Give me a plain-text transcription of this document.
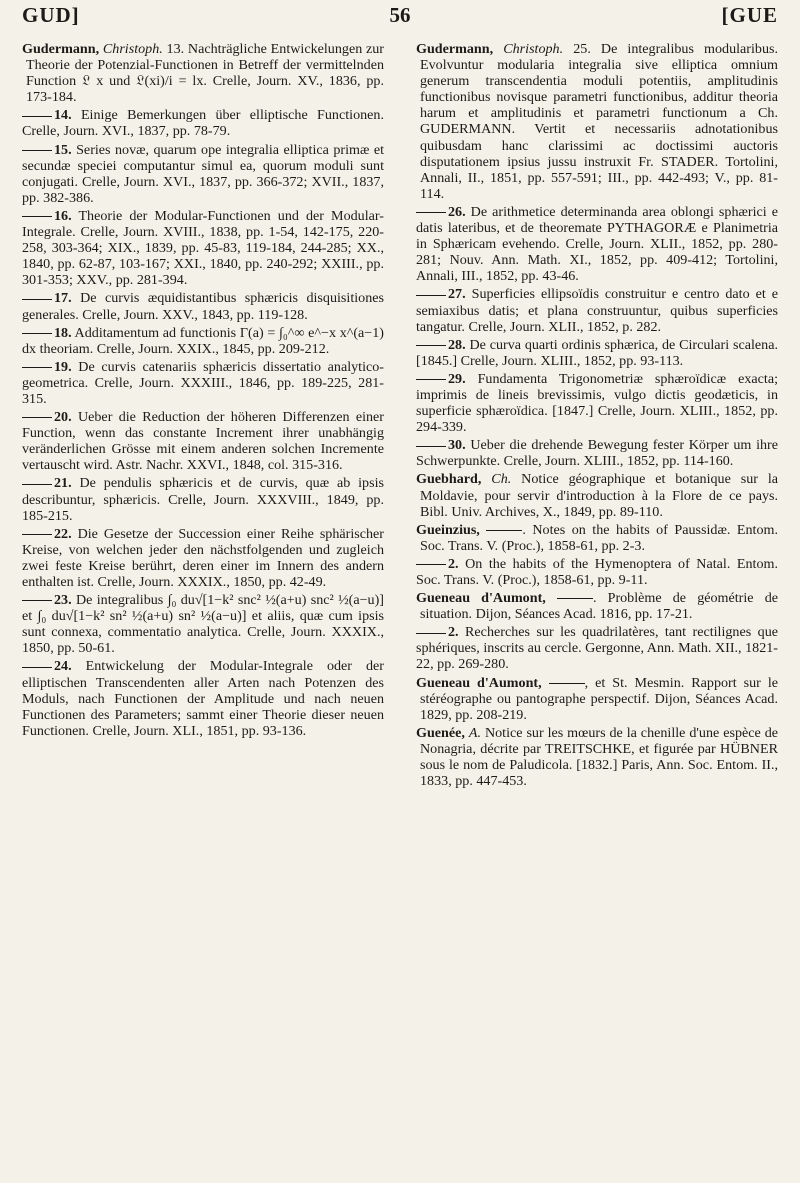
GUD]	56	[GUE

Gudermann, Christoph. 13. Nachträgliche Entwickelungen zur Theorie der Potenzial-Functionen in Betreff der vermittelnden Function 𝔏 x und 𝔏(xi)/i = lx. Crelle, Journ. XV., 1836, pp. 173-184.

14. Einige Bemerkungen über elliptische Functionen. Crelle, Journ. XVI., 1837, pp. 78-79.

15. Series novæ, quarum ope integralia elliptica primæ et secundæ speciei computantur simul ea, quorum moduli sunt conjugati. Crelle, Journ. XVI., 1837, pp. 366-372; XVII., 1837, pp. 382-386.

16. Theorie der Modular-Functionen und der Modular-Integrale. Crelle, Journ. XVIII., 1838, pp. 1-54, 142-175, 220-258, 303-364; XIX., 1839, pp. 45-83, 119-184, 244-285; XX., 1840, pp. 62-87, 103-167; XXI., 1840, pp. 240-292; XXIII., pp. 301-353; XXV., pp. 281-394.

17. De curvis æquidistantibus sphæricis disquisitiones generales. Crelle, Journ. XXV., 1843, pp. 119-128.

18. Additamentum ad functionis Γ(a) = ∫₀^∞ e^−x x^(a−1) dx theoriam. Crelle, Journ. XXIX., 1845, pp. 209-212.

19. De curvis catenariis sphæricis dissertatio analytico-geometrica. Crelle, Journ. XXXIII., 1846, pp. 189-225, 281-315.

20. Ueber die Reduction der höheren Differenzen einer Function, wenn das constante Increment ihrer unabhängig veränderlichen Grösse mit einem anderen solchen Incremente vertauscht wird. Astr. Nachr. XXVI., 1848, col. 315-316.

21. De pendulis sphæricis et de curvis, quæ ab ipsis describuntur, sphæricis. Crelle, Journ. XXXVIII., 1849, pp. 185-215.

22. Die Gesetze der Succession einer Reihe sphärischer Kreise, von welchen jeder den nächstfolgenden und zugleich zwei feste Kreise berührt, deren einer im Innern des andern enthalten ist. Crelle, Journ. XXXIX., 1850, pp. 42-49.

23. De integralibus ∫₀ du√[1−k² snc² ½(a+u) snc² ½(a−u)] et ∫₀ du√[1−k² sn² ½(a+u) sn² ½(a−u)] et aliis, quæ cum ipsis sunt connexa, commentatio analytica. Crelle, Journ. XXXIX., 1850, pp. 50-61.

24. Entwickelung der Modular-Integrale oder der elliptischen Transcendenten aller Arten nach Potenzen des Moduls, nach Functionen der Amplitude und nach neuen Functionen des Parameters; sammt einer Theorie dieser neuen Functionen. Crelle, Journ. XLI., 1851, pp. 93-136.

Gudermann, Christoph. 25. De integralibus modularibus. Evolvuntur modularia integralia sive elliptica omnium generum transcendentia moduli potentiis, amplitudinis functionibus novisque parametri functionibus, additur theoria harum et amplitudinis et parametri functionum a Ch. GUDERMANN. Vertit et necessariis adnotationibus quibusdam hanc clarissimi ac doctissimi auctoris disputationem ipsius jussu instruxit Fr. STADER. Tortolini, Annali, II., 1851, pp. 557-591; III., pp. 442-493; V., pp. 81-114.

26. De arithmetice determinanda area oblongi sphærici e datis lateribus, et de theoremate PYTHAGORÆ e Planimetria in Sphæricam evehendo. Crelle, Journ. XLII., 1852, pp. 280-281; Nouv. Ann. Math. XI., 1852, pp. 409-412; Tortolini, Annali, III., 1852, pp. 43-46.

27. Superficies ellipsoïdis construitur e centro dato et e semiaxibus datis; et plana construuntur, quibus superficies tangatur. Crelle, Journ. XLII., 1852, p. 282.

28. De curva quarti ordinis sphærica, de Circulari scalena. [1845.] Crelle, Journ. XLIII., 1852, pp. 93-113.

29. Fundamenta Trigonometriæ sphæroïdicæ exacta; imprimis de lineis brevissimis, vulgo dictis geodæticis, in superficie sphæroïdica. [1847.] Crelle, Journ. XLIII., 1852, pp. 294-339.

30. Ueber die drehende Bewegung fester Körper um ihre Schwerpunkte. Crelle, Journ. XLIII., 1852, pp. 114-160.

Guebhard, Ch. Notice géographique et botanique sur la Moldavie, pour servir d'introduction à la Flore de ce pays. Bibl. Univ. Archives, X., 1849, pp. 89-110.

Gueinzius,	. Notes on the habits of Paussidæ. Entom. Soc. Trans. V. (Proc.), 1858-61, pp. 2-3.

2. On the habits of the Hymenoptera of Natal. Entom. Soc. Trans. V. (Proc.), 1858-61, pp. 9-11.

Gueneau d'Aumont,	. Problème de géométrie de situation. Dijon, Séances Acad. 1816, pp. 17-21.

2. Recherches sur les quadrilatères, tant rectilignes que sphériques, inscrits au cercle. Gergonne, Ann. Math. XII., 1821-22, pp. 269-280.

Gueneau d'Aumont,	, et St. Mesmin. Rapport sur le stéréographe ou pantographe perspectif. Dijon, Séances Acad. 1829, pp. 208-219.

Guenée, A. Notice sur les mœurs de la chenille d'une espèce de Nonagria, décrite par TREITSCHKE, et figurée par HÜBNER sous le nom de Paludicola. [1832.] Paris, Ann. Soc. Entom. II., 1833, pp. 447-453.
